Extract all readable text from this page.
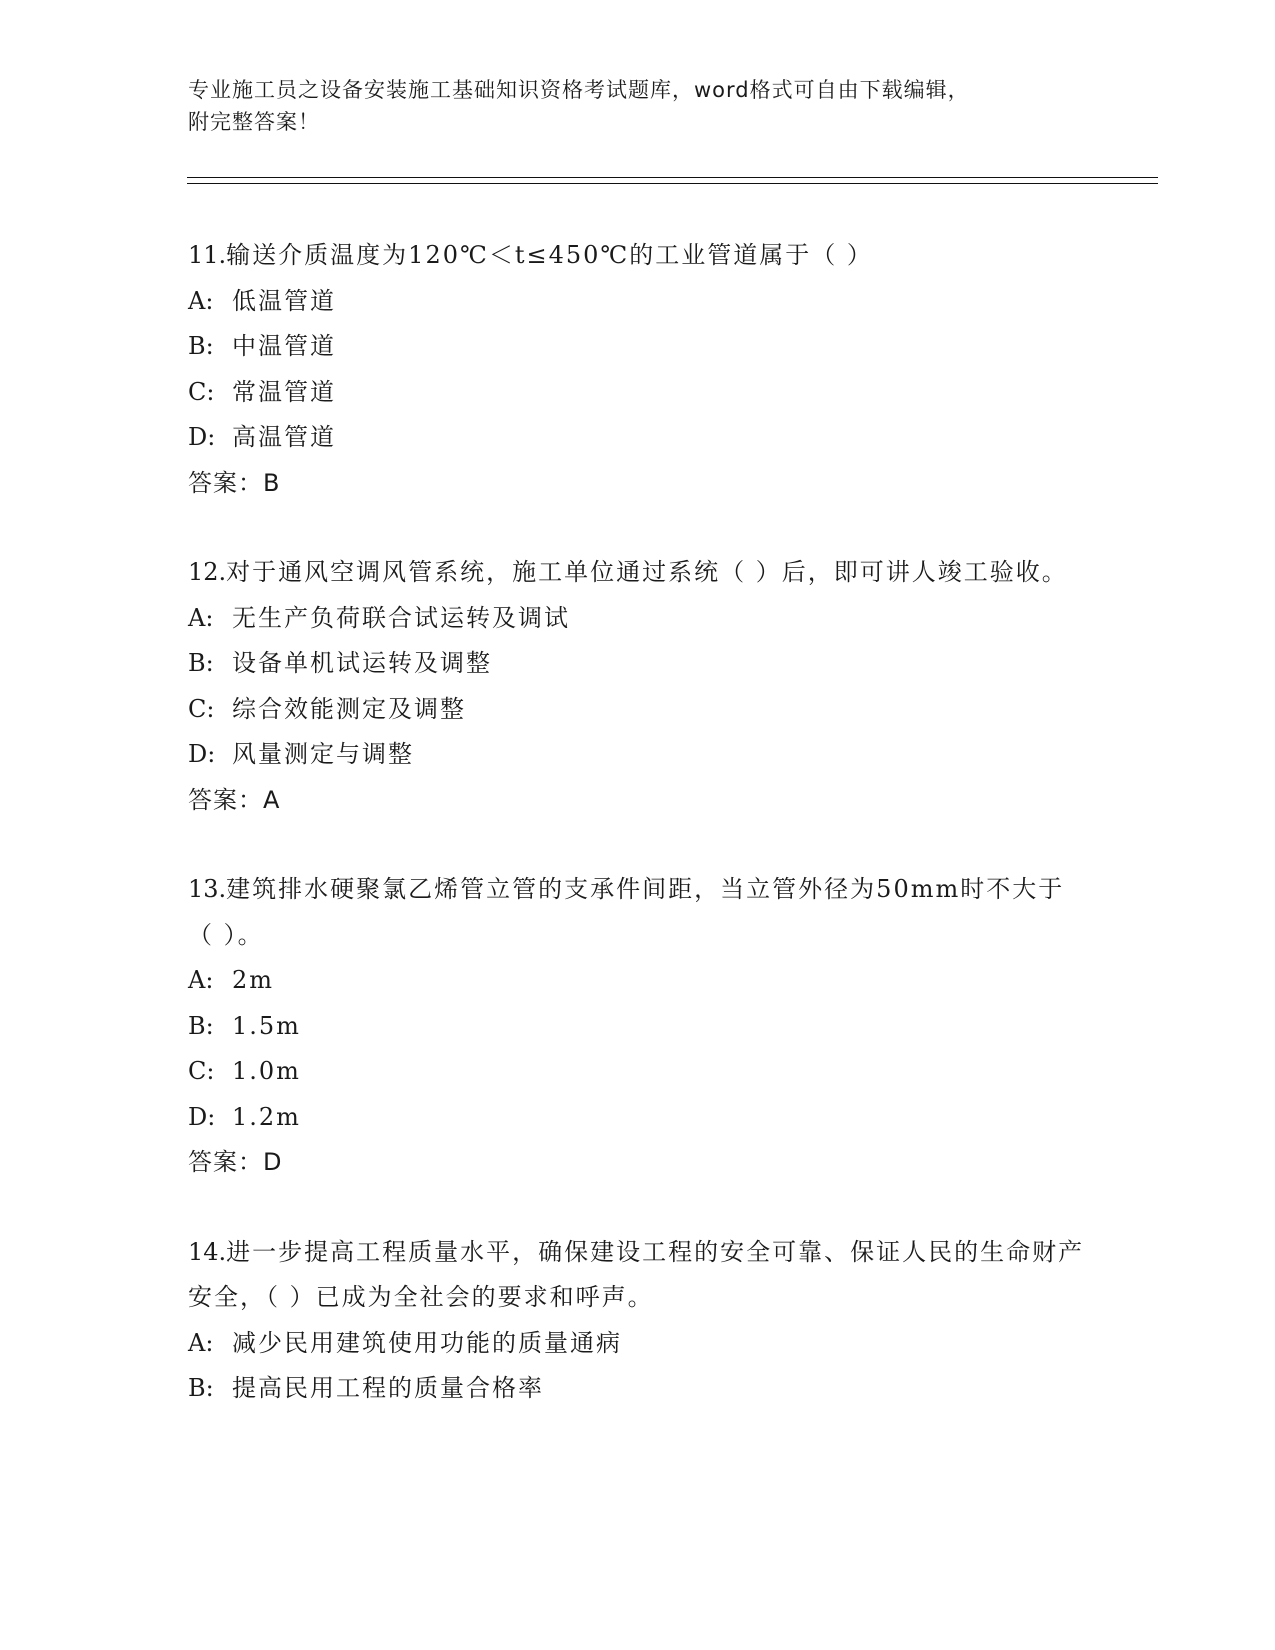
专业施工员之设备安装施工基础知识资格考试题库，word格式可自由下载编辑，
附完整答案！
11.输送介质温度为120℃＜t≤450℃的工业管道属于（ ）
A: 低温管道
B: 中温管道
C: 常温管道
D: 高温管道
答案：B
12.对于通风空调风管系统，施工单位通过系统（ ）后，即可讲人竣工验收。
A: 无生产负荷联合试运转及调试
B: 设备单机试运转及调整
C: 综合效能测定及调整
D: 风量测定与调整
答案：A
13.建筑排水硬聚氯乙烯管立管的支承件间距，当立管外径为50mm时不大于（ ）。
A: 2m
B: 1.5m
C: 1.0m
D: 1.2m
答案：D
14.进一步提高工程质量水平，确保建设工程的安全可靠、保证人民的生命财产安全，（ ）已成为全社会的要求和呼声。
A: 减少民用建筑使用功能的质量通病
B: 提高民用工程的质量合格率
